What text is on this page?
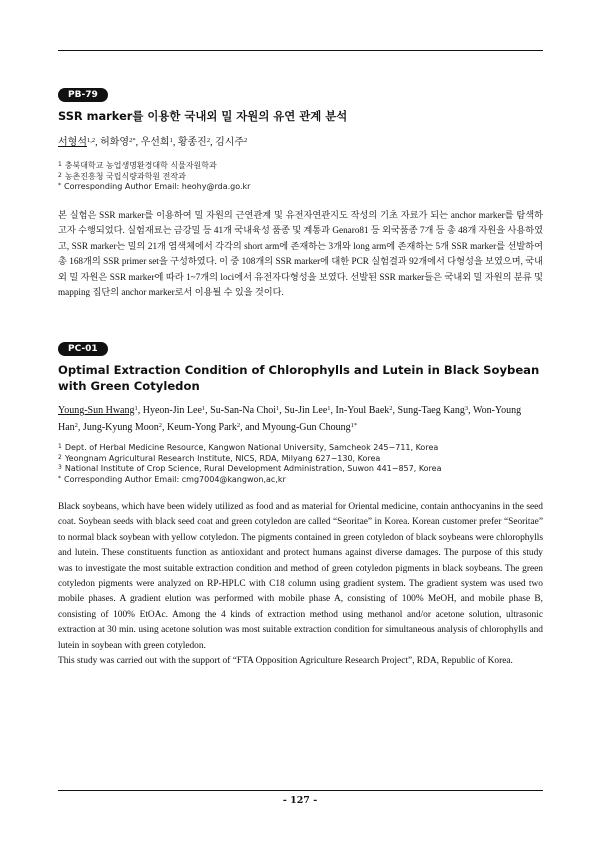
PB-79
SSR marker를 이용한 국내외 밀 자원의 유연 관계 분석
서형석$^{1,2}$, 허화영$^{2*}$, 우선희$^1$, 황종진$^2$, 김시주$^2$
$^1$ 충북대학교 농업생명환경대학 식물자원학과
$^2$ 농촌진흥청 국립식량과학원 전작과
* Corresponding Author Email: heohy@rda.go.kr
본 실험은 SSR marker를 이용하여 밀 자원의 근연관계 및 유전자연관지도 작성의 기초 자료가 되는 anchor marker를 탐색하고자 수행되었다. 실험재료는 금강밀 등 41개 국내육성 품종 및 계통과 Genaro81 등 외국품종 7개 등 총 48개 자원을 사용하였고, SSR marker는 밀의 21개 염색체에서 각각의 short arm에 존재하는 3개와 long arm에 존재하는 5개 SSR marker를 선발하여 총 168개의 SSR primer set을 구성하였다. 이 중 108개의 SSR marker에 대한 PCR 실험결과 92개에서 다형성을 보였으며, 국내외 밀 자원은 SSR marker에 따라 1~7개의 loci에서 유전자다형성을 보였다. 선발된 SSR marker들은 국내외 밀 자원의 분류 및 mapping 집단의 anchor marker로서 이용될 수 있을 것이다.
PC-01
Optimal Extraction Condition of Chlorophylls and Lutein in Black Soybean with Green Cotyledon
Young-Sun Hwang$^1$, Hyeon-Jin Lee$^1$, Su-San-Na Choi$^1$, Su-Jin Lee$^1$, In-Youl Baek$^2$, Sung-Taeg Kang$^3$, Won-Young Han$^2$, Jung-Kyung Moon$^2$, Keum-Yong Park$^2$, and Myoung-Gun Choung$^{1*}$
$^1$ Dept. of Herbal Medicine Resource, Kangwon National University, Samcheok 245−711, Korea
$^2$ Yeongnam Agricultural Research Institute, NICS, RDA, Milyang 627−130, Korea
$^3$ National Institute of Crop Science, Rural Development Administration, Suwon 441−857, Korea
* Corresponding Author Email: cmg7004@kangwon,ac,kr
Black soybeans, which have been widely utilized as food and as material for Oriental medicine, contain anthocyanins in the seed coat. Soybean seeds with black seed coat and green cotyledon are called “Seoritae” in Korea. Korean customer prefer “Seoritae” to normal black soybean with yellow cotyledon. The pigments contained in green cotyledon of black soybeans were chlorophylls and lutein. These constituents function as antioxidant and protect humans against diverse damages. The purpose of this study was to investigate the most suitable extraction condition and method of green cotyledon pigments in black soybeans. The green cotyledon pigments were analyzed on RP-HPLC with C18 column using gradient system. The gradient system was used two mobile phases. A gradient elution was performed with mobile phase A, consisting of 100% MeOH, and mobile phase B, consisting of 100% EtOAc. Among the 4 kinds of extraction method using methanol and/or acetone solution, ultrasonic extraction at 30 min. using acetone solution was most suitable extraction condition for simultaneous analysis of chlorophylls and lutein in soybean with green cotyledon.
This study was carried out with the support of “FTA Opposition Agriculture Research Project”, RDA, Republic of Korea.
- 127 -
